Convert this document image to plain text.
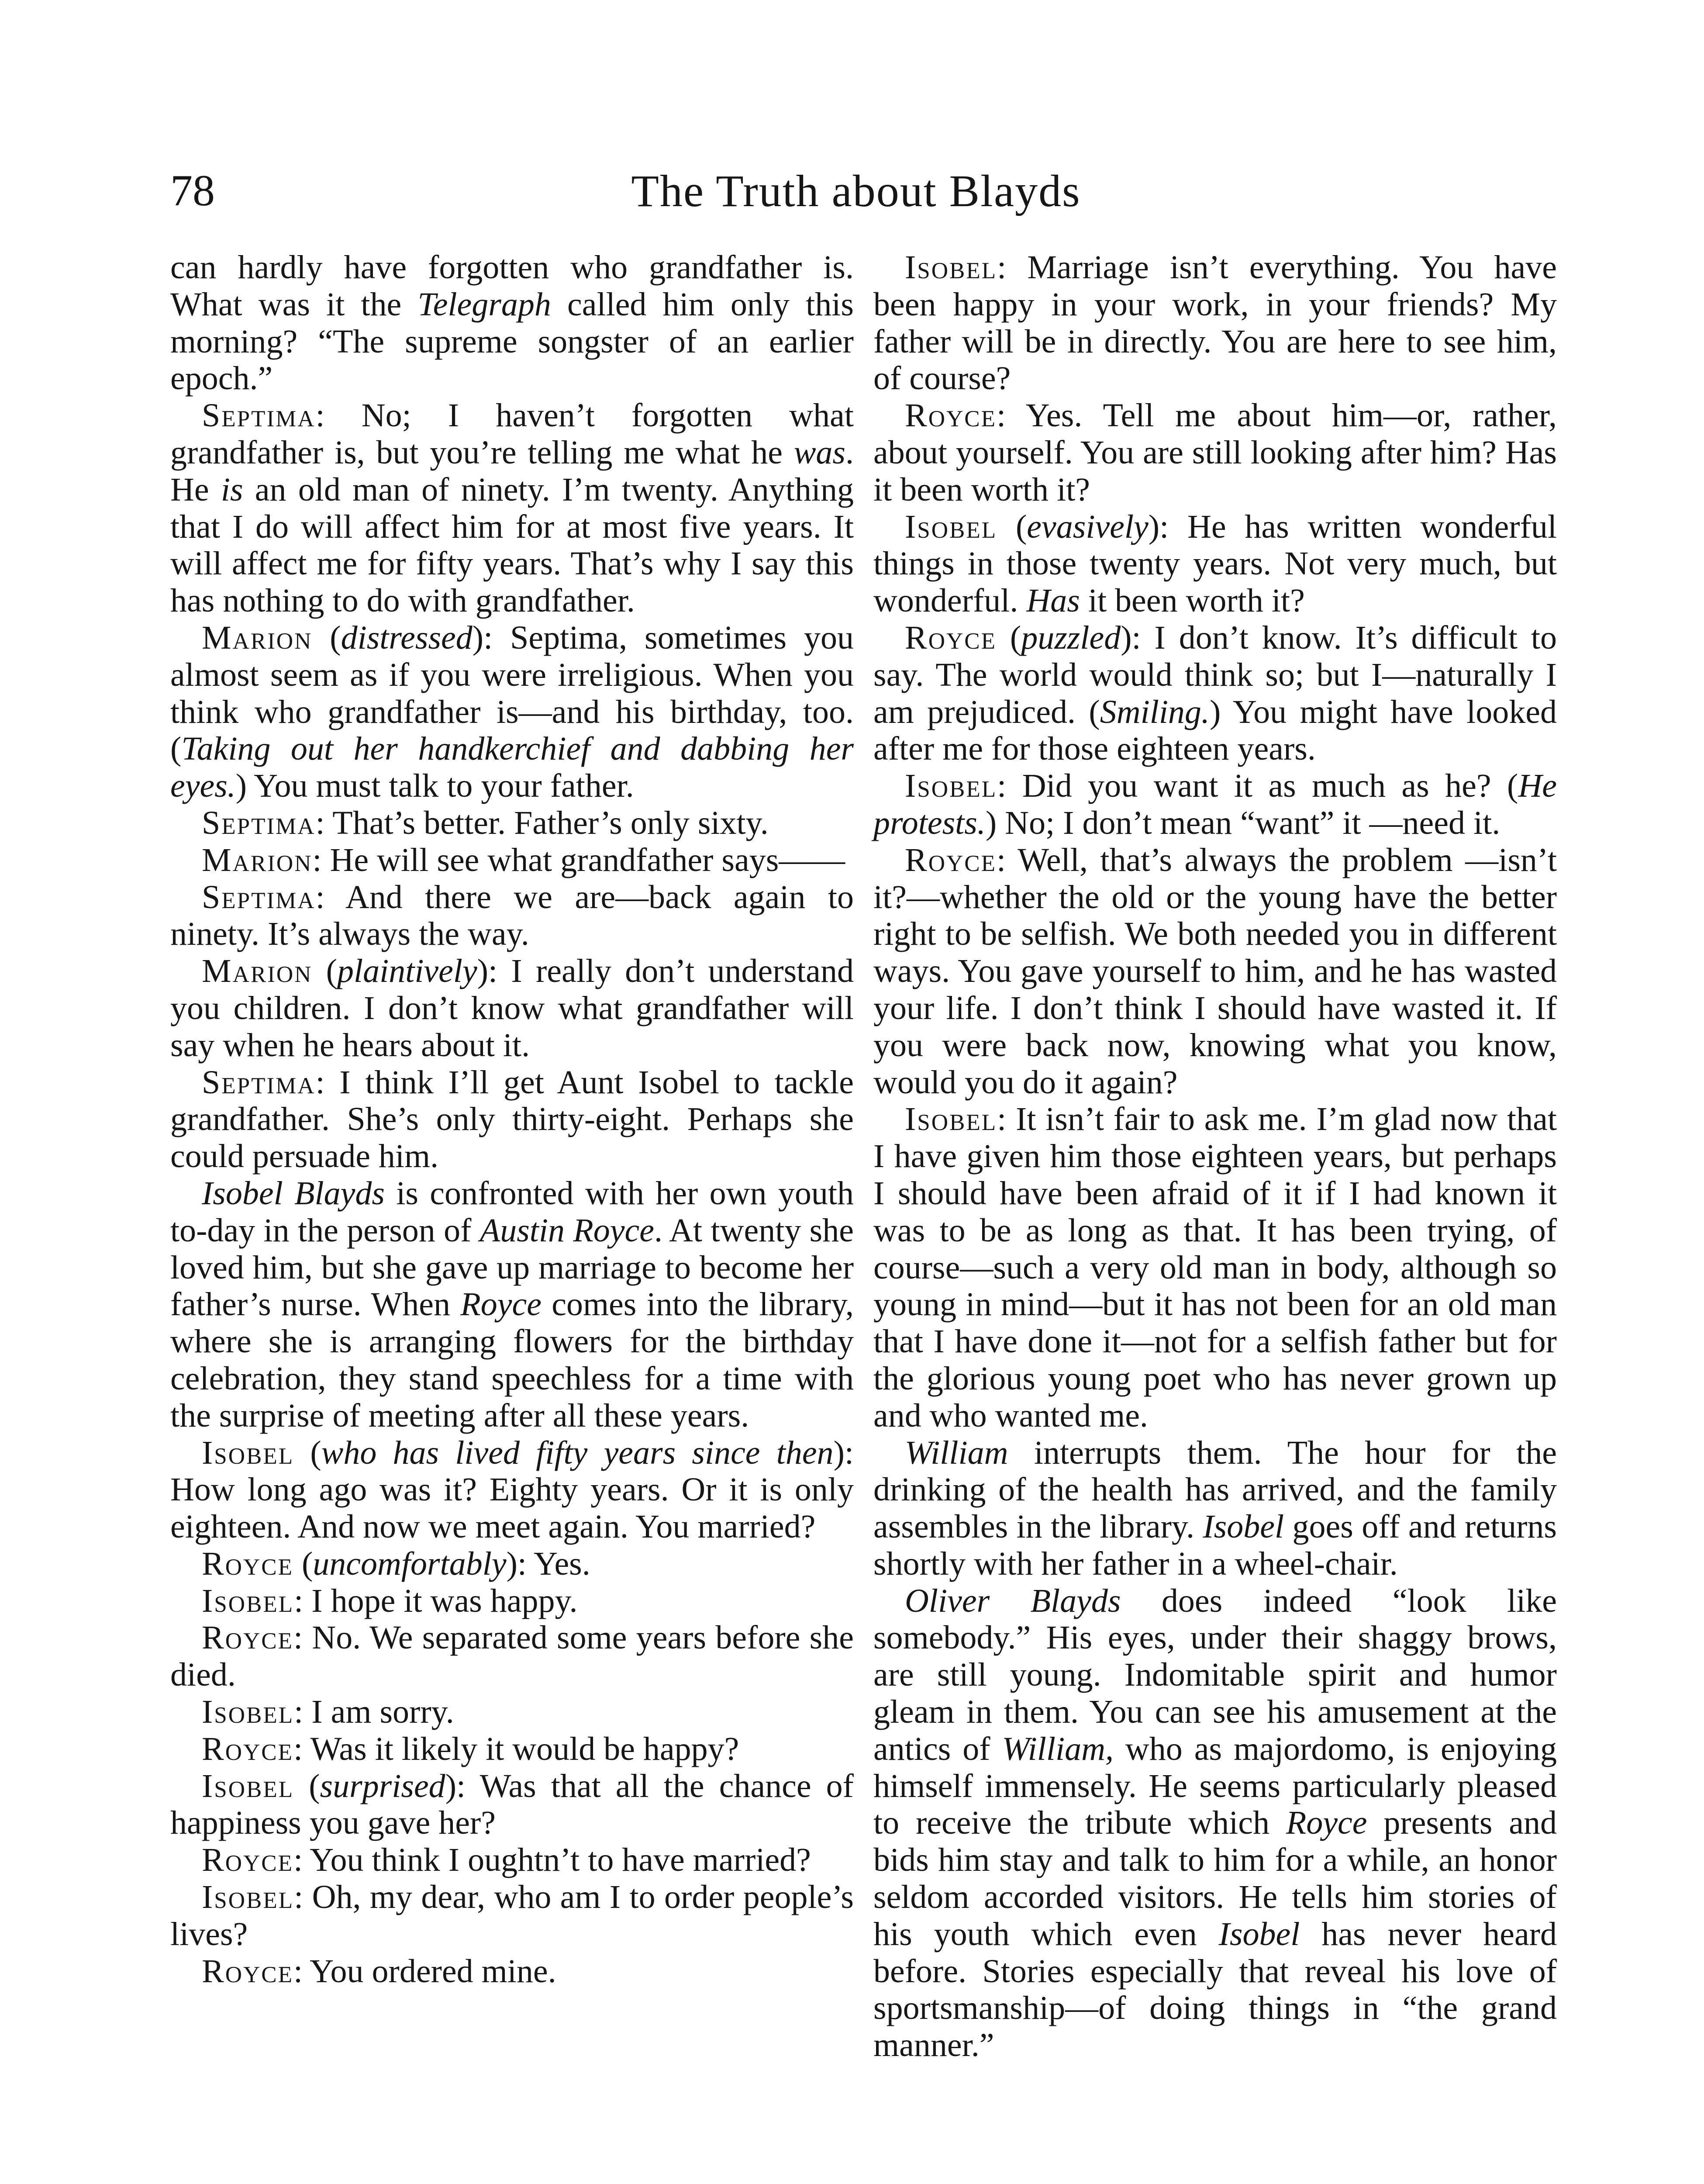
78	The Truth about Blayds

can hardly have forgotten who grandfather is. What was it the Telegraph called him only this morning? “The supreme songster of an earlier epoch.”

Septima: No; I haven’t forgotten what grandfather is, but you’re telling me what he was. He is an old man of ninety. I’m twenty. Anything that I do will affect him for at most five years. It will affect me for fifty years. That’s why I say this has nothing to do with grandfather.

Marion (distressed): Septima, sometimes you almost seem as if you were irreligious. When you think who grandfather is—and his birthday, too. (Taking out her handkerchief and dabbing her eyes.) You must talk to your father.

Septima: That’s better. Father’s only sixty.

Marion: He will see what grandfather says——

Septima: And there we are—back again to ninety. It’s always the way.

Marion (plaintively): I really don’t understand you children. I don’t know what grandfather will say when he hears about it.

Septima: I think I’ll get Aunt Isobel to tackle grandfather. She’s only thirty-eight. Perhaps she could persuade him.

Isobel Blayds is confronted with her own youth to-day in the person of Austin Royce. At twenty she loved him, but she gave up marriage to become her father’s nurse. When Royce comes into the library, where she is arranging flowers for the birthday celebration, they stand speechless for a time with the surprise of meeting after all these years.

Isobel (who has lived fifty years since then): How long ago was it? Eighty years. Or it is only eighteen. And now we meet again. You married?

Royce (uncomfortably): Yes.

Isobel: I hope it was happy.

Royce: No. We separated some years before she died.

Isobel: I am sorry.

Royce: Was it likely it would be happy?

Isobel (surprised): Was that all the chance of happiness you gave her?

Royce: You think I oughtn’t to have married?

Isobel: Oh, my dear, who am I to order people’s lives?

Royce: You ordered mine.

Isobel: Marriage isn’t everything. You have been happy in your work, in your friends? My father will be in directly. You are here to see him, of course?

Royce: Yes. Tell me about him—or, rather, about yourself. You are still looking after him? Has it been worth it?

Isobel (evasively): He has written wonderful things in those twenty years. Not very much, but wonderful. Has it been worth it?

Royce (puzzled): I don’t know. It’s difficult to say. The world would think so; but I—naturally I am prejudiced. (Smiling.) You might have looked after me for those eighteen years.

Isobel: Did you want it as much as he? (He protests.) No; I don’t mean “want” it —need it.

Royce: Well, that’s always the problem —isn’t it?—whether the old or the young have the better right to be selfish. We both needed you in different ways. You gave yourself to him, and he has wasted your life. I don’t think I should have wasted it. If you were back now, knowing what you know, would you do it again?

Isobel: It isn’t fair to ask me. I’m glad now that I have given him those eighteen years, but perhaps I should have been afraid of it if I had known it was to be as long as that. It has been trying, of course—such a very old man in body, although so young in mind—but it has not been for an old man that I have done it—not for a selfish father but for the glorious young poet who has never grown up and who wanted me.

William interrupts them. The hour for the drinking of the health has arrived, and the family assembles in the library. Isobel goes off and returns shortly with her father in a wheel-chair.

Oliver Blayds does indeed “look like somebody.” His eyes, under their shaggy brows, are still young. Indomitable spirit and humor gleam in them. You can see his amusement at the antics of William, who as majordomo, is enjoying himself immensely. He seems particularly pleased to receive the tribute which Royce presents and bids him stay and talk to him for a while, an honor seldom accorded visitors. He tells him stories of his youth which even Isobel has never heard before. Stories especially that reveal his love of sportsmanship—of doing things in “the grand manner.”
